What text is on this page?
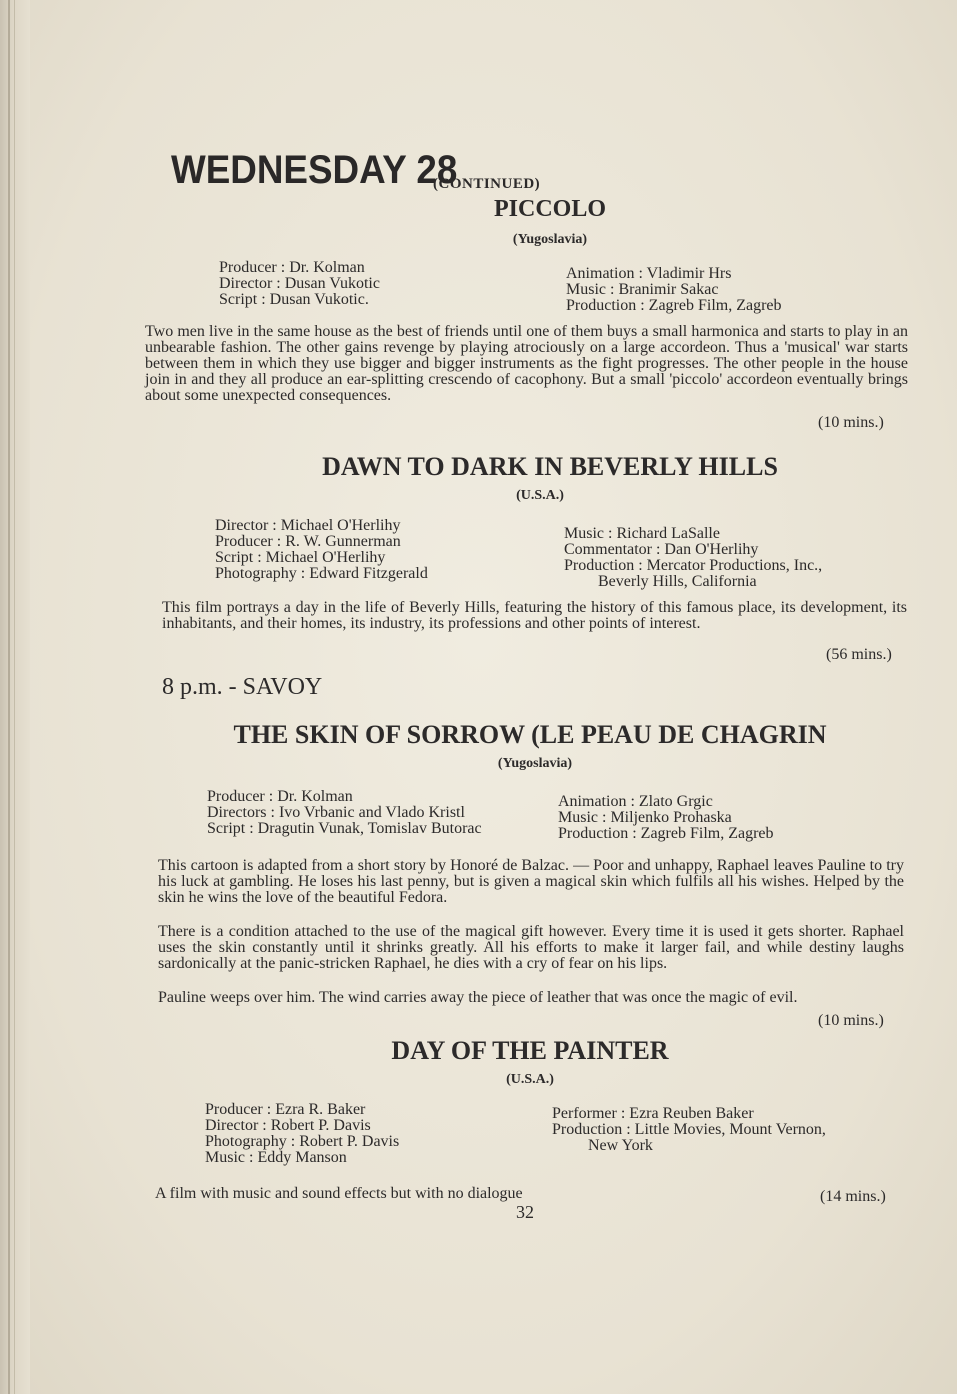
WEDNESDAY 28
(CONTINUED)
PICCOLO
(Yugoslavia)
Producer : Dr. Kolman
Director : Dusan Vukotic
Script : Dusan Vukotic.
Animation : Vladimir Hrs
Music : Branimir Sakac
Production : Zagreb Film, Zagreb
Two men live in the same house as the best of friends until one of them buys a small harmonica and starts to play in an unbearable fashion. The other gains revenge by playing atrociously on a large accordeon. Thus a 'musical' war starts between them in which they use bigger and bigger instruments as the fight progresses. The other people in the house join in and they all produce an ear-splitting crescendo of cacophony. But a small 'piccolo' accordeon eventually brings about some unexpected consequences.
(10 mins.)
DAWN TO DARK IN BEVERLY HILLS
(U.S.A.)
Director : Michael O'Herlihy
Producer : R. W. Gunnerman
Script : Michael O'Herlihy
Photography : Edward Fitzgerald
Music : Richard LaSalle
Commentator : Dan O'Herlihy
Production : Mercator Productions, Inc.,
Beverly Hills, California
This film portrays a day in the life of Beverly Hills, featuring the history of this famous place, its development, its inhabitants, and their homes, its industry, its professions and other points of interest.
(56 mins.)
8 p.m. - SAVOY
THE SKIN OF SORROW (LE PEAU DE CHAGRIN
(Yugoslavia)
Producer : Dr. Kolman
Directors : Ivo Vrbanic and Vlado Kristl
Script : Dragutin Vunak, Tomislav Butorac
Animation : Zlato Grgic
Music : Miljenko Prohaska
Production : Zagreb Film, Zagreb
This cartoon is adapted from a short story by Honoré de Balzac. — Poor and unhappy, Raphael leaves Pauline to try his luck at gambling. He loses his last penny, but is given a magical skin which fulfils all his wishes. Helped by the skin he wins the love of the beautiful Fedora.
There is a condition attached to the use of the magical gift however. Every time it is used it gets shorter. Raphael uses the skin constantly until it shrinks greatly. All his efforts to make it larger fail, and while destiny laughs sardonically at the panic-stricken Raphael, he dies with a cry of fear on his lips.
Pauline weeps over him. The wind carries away the piece of leather that was once the magic of evil.
(10 mins.)
DAY OF THE PAINTER
(U.S.A.)
Producer : Ezra R. Baker
Director : Robert P. Davis
Photography : Robert P. Davis
Music : Eddy Manson
Performer : Ezra Reuben Baker
Production : Little Movies, Mount Vernon,
New York
A film with music and sound effects but with no dialogue	(14 mins.)
32
